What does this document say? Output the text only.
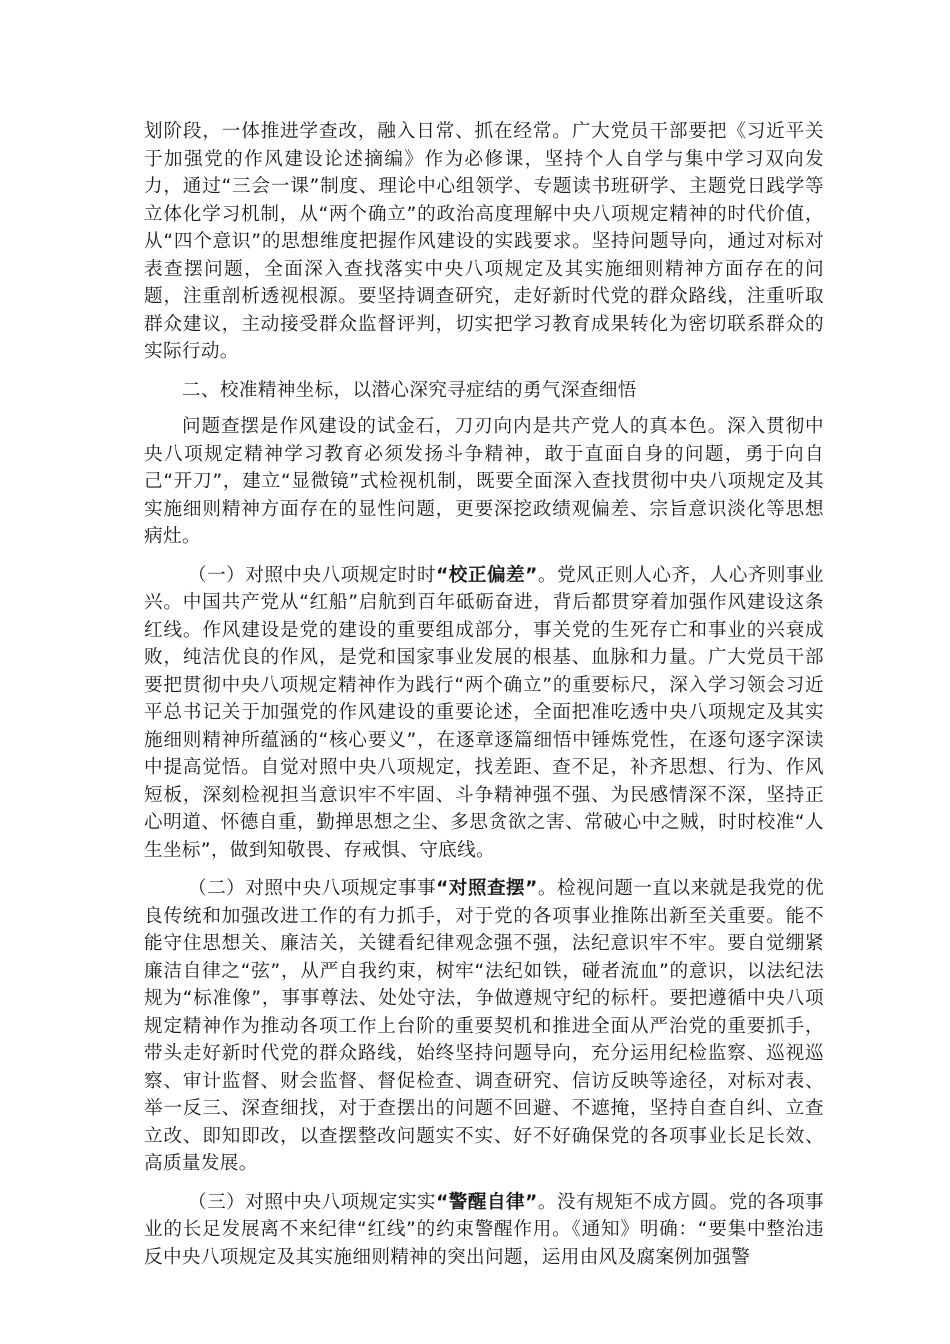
划阶段，一体推进学查改，融入日常、抓在经常。广大党员干部要把《习近平关于加强党的作风建设论述摘编》作为必修课，坚持个人自学与集中学习双向发力，通过“三会一课”制度、理论中心组领学、专题读书班研学、主题党日践学等立体化学习机制，从“两个确立”的政治高度理解中央八项规定精神的时代价值，从“四个意识”的思想维度把握作风建设的实践要求。坚持问题导向，通过对标对表查摆问题，全面深入查找落实中央八项规定及其实施细则精神方面存在的问题，注重剖析透视根源。要坚持调查研究，走好新时代党的群众路线，注重听取群众建议，主动接受群众监督评判，切实把学习教育成果转化为密切联系群众的实际行动。

二、校准精神坐标，以潜心深究寻症结的勇气深查细悟

问题查摆是作风建设的试金石，刀刃向内是共产党人的真本色。深入贯彻中央八项规定精神学习教育必须发扬斗争精神，敢于直面自身的问题，勇于向自己“开刀”，建立“显微镜”式检视机制，既要全面深入查找贯彻中央八项规定及其实施细则精神方面存在的显性问题，更要深挖政绩观偏差、宗旨意识淡化等思想病灶。

（一）对照中央八项规定时时“校正偏差”。党风正则人心齐，人心齐则事业兴。中国共产党从“红船”启航到百年砥砺奋进，背后都贯穿着加强作风建设这条红线。作风建设是党的建设的重要组成部分，事关党的生死存亡和事业的兴衰成败，纯洁优良的作风，是党和国家事业发展的根基、血脉和力量。广大党员干部要把贯彻中央八项规定精神作为践行“两个确立”的重要标尺，深入学习领会习近平总书记关于加强党的作风建设的重要论述，全面把准吃透中央八项规定及其实施细则精神所蕴涵的“核心要义”，在逐章逐篇细悟中锤炼党性，在逐句逐字深读中提高觉悟。自觉对照中央八项规定，找差距、查不足，补齐思想、行为、作风短板，深刻检视担当意识牢不牢固、斗争精神强不强、为民感情深不深，坚持正心明道、怀德自重，勤掸思想之尘、多思贪欲之害、常破心中之贼，时时校准“人生坐标”，做到知敬畏、存戒惧、守底线。

（二）对照中央八项规定事事“对照查摆”。检视问题一直以来就是我党的优良传统和加强改进工作的有力抓手，对于党的各项事业推陈出新至关重要。能不能守住思想关、廉洁关，关键看纪律观念强不强，法纪意识牢不牢。要自觉绷紧廉洁自律之“弦”，从严自我约束，树牢“法纪如铁，碰者流血”的意识，以法纪法规为“标准像”，事事尊法、处处守法，争做遵规守纪的标杆。要把遵循中央八项规定精神作为推动各项工作上台阶的重要契机和推进全面从严治党的重要抓手，带头走好新时代党的群众路线，始终坚持问题导向，充分运用纪检监察、巡视巡察、审计监督、财会监督、督促检查、调查研究、信访反映等途径，对标对表、举一反三、深查细找，对于查摆出的问题不回避、不遮掩，坚持自查自纠、立查立改、即知即改，以查摆整改问题实不实、好不好确保党的各项事业长足长效、高质量发展。

（三）对照中央八项规定实实“警醒自律”。没有规矩不成方圆。党的各项事业的长足发展离不来纪律“红线”的约束警醒作用。《通知》明确：“要集中整治违反中央八项规定及其实施细则精神的突出问题，运用由风及腐案例加强警
